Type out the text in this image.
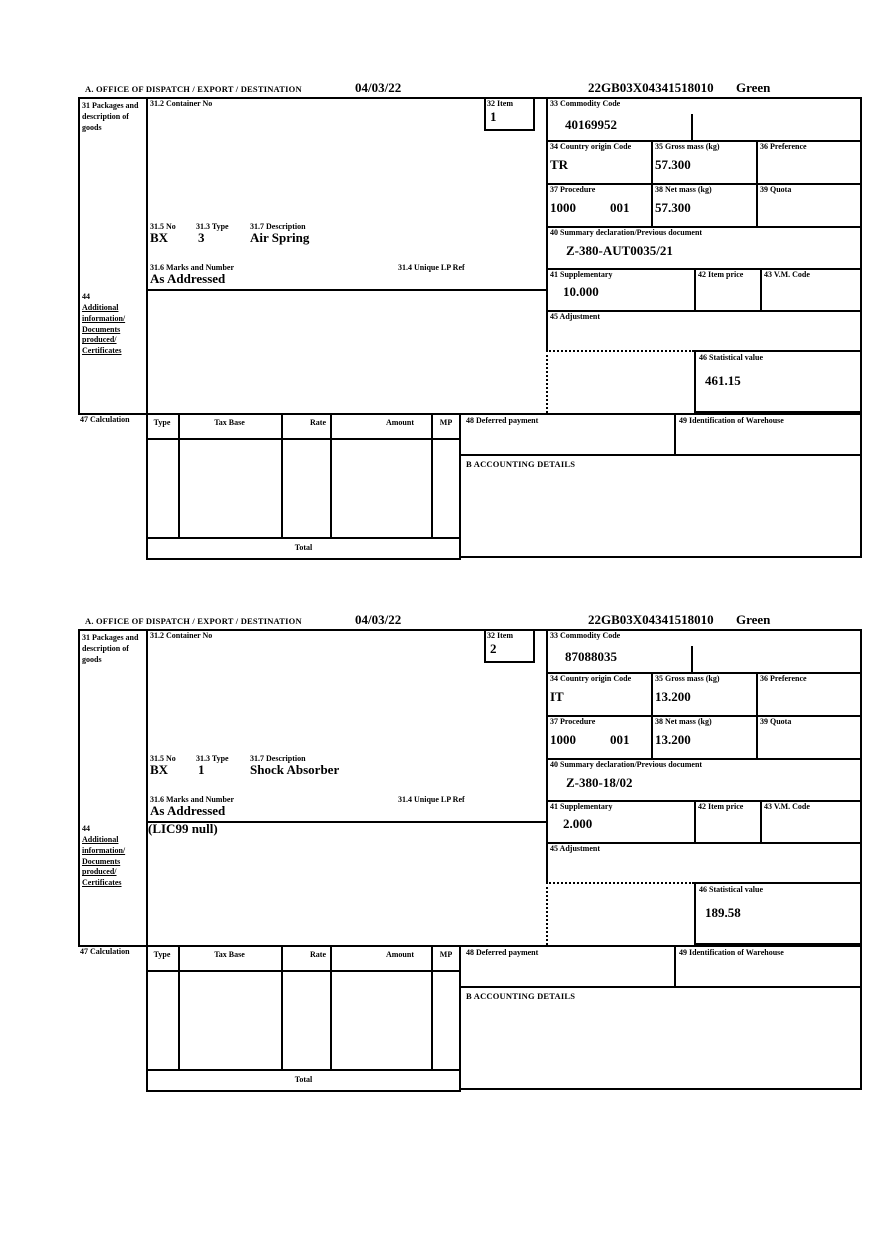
A. OFFICE OF DISPATCH / EXPORT / DESTINATION	04/03/22	22GB03X04341518010 Green
31 Packages and description of goods
44
Additional information/ Documents produced/ Certificates
47 Calculation
31.2 Container No	32 Item
1
31.5 No	31.3 Type	31.7 Description
BX 3	Air Spring
31.6 Marks and Number	31.4 Unique LP Ref
As Addressed
33 Commodity Code
40169952
34 Country origin Code
TR
35 Gross mass (kg)
57.300
36 Preference
37 Procedure
1000	001
38 Net mass (kg)
57.300
39 Quota
40 Summary declaration/Previous document
Z-380-AUT0035/21
41 Supplementary
10.000
42 Item price	43 V.M. Code
45 Adjustment
46 Statistical value
461.15
Type	Tax Base	Rate	Amount	MP
Total
48 Deferred payment	49 Identification of Warehouse
B ACCOUNTING DETAILS
A. OFFICE OF DISPATCH / EXPORT / DESTINATION	04/03/22	22GB03X04341518010 Green
31 Packages and description of goods
44
Additional information/ Documents produced/ Certificates
47 Calculation
31.2 Container No	32 Item
2
31.5 No	31.3 Type	31.7 Description
BX 1	Shock Absorber
31.6 Marks and Number	31.4 Unique LP Ref
As Addressed
(LIC99 null)
33 Commodity Code
87088035
34 Country origin Code
IT
35 Gross mass (kg)
13.200
36 Preference
37 Procedure
1000	001
38 Net mass (kg)
13.200
39 Quota
40 Summary declaration/Previous document
Z-380-18/02
41 Supplementary
2.000
42 Item price	43 V.M. Code
45 Adjustment
46 Statistical value
189.58
Type	Tax Base	Rate	Amount	MP
Total
48 Deferred payment	49 Identification of Warehouse
B ACCOUNTING DETAILS
